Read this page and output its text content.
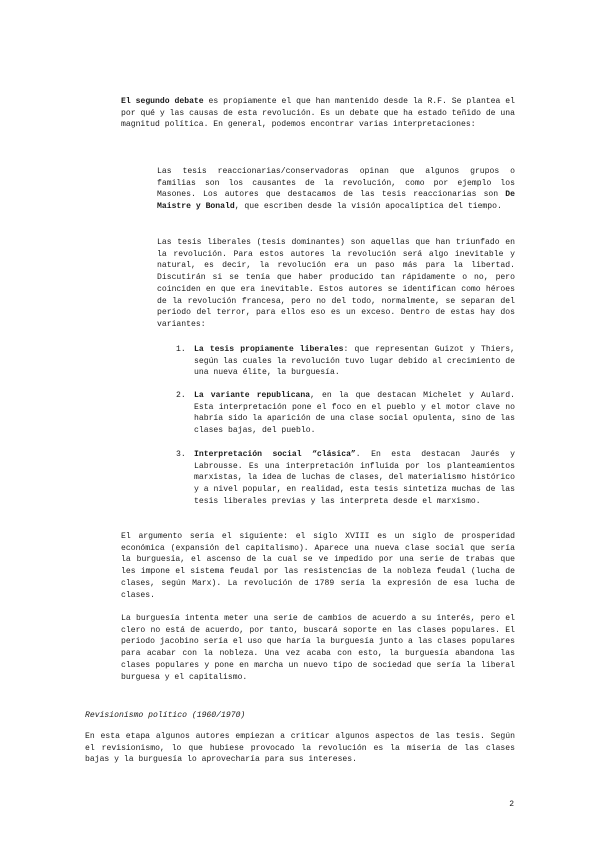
El segundo debate es propiamente el que han mantenido desde la R.F. Se plantea el por qué y las causas de esta revolución. Es un debate que ha estado teñido de una magnitud política. En general, podemos encontrar varias interpretaciones:

Las tesis reaccionarias/conservadoras opinan que algunos grupos o familias son los causantes de la revolución, como por ejemplo los Masones. Los autores que destacamos de las tesis reaccionarias son De Maistre y Bonald, que escriben desde la visión apocalíptica del tiempo.

Las tesis liberales (tesis dominantes) son aquellas que han triunfado en la revolución. Para estos autores la revolución será algo inevitable y natural, es decir, la revolución era un paso más para la libertad. Discutirán si se tenía que haber producido tan rápidamente o no, pero coinciden en que era inevitable. Estos autores se identifican como héroes de la revolución francesa, pero no del todo, normalmente, se separan del periodo del terror, para ellos eso es un exceso. Dentro de estas hay dos variantes:

1. La tesis propiamente liberales: que representan Guizot y Thiers, según las cuales la revolución tuvo lugar debido al crecimiento de una nueva élite, la burguesía.

2. La variante republicana, en la que destacan Michelet y Aulard. Esta interpretación pone el foco en el pueblo y el motor clave no habría sido la aparición de una clase social opulenta, sino de las clases bajas, del pueblo.

3. Interpretación social “clásica”. En esta destacan Jaurés y Labrousse. Es una interpretación influida por los planteamientos marxistas, la idea de luchas de clases, del materialismo histórico y a nivel popular, en realidad, esta tesis sintetiza muchas de las tesis liberales previas y las interpreta desde el marxismo.

El argumento sería el siguiente: el siglo XVIII es un siglo de prosperidad económica (expansión del capitalismo). Aparece una nueva clase social que sería la burguesía, el ascenso de la cual se ve impedido por una serie de trabas que les impone el sistema feudal por las resistencias de la nobleza feudal (lucha de clases, según Marx). La revolución de 1789 sería la expresión de esa lucha de clases.

La burguesía intenta meter una serie de cambios de acuerdo a su interés, pero el clero no está de acuerdo, por tanto, buscará soporte en las clases populares. El periodo jacobino sería el uso que haría la burguesía junto a las clases populares para acabar con la nobleza. Una vez acaba con esto, la burguesía abandona las clases populares y pone en marcha un nuevo tipo de sociedad que sería la liberal burguesa y el capitalismo.

Revisionismo político (1960/1970)

En esta etapa algunos autores empiezan a criticar algunos aspectos de las tesis. Según el revisionismo, lo que hubiese provocado la revolución es la miseria de las clases bajas y la burguesía lo aprovecharía para sus intereses.

2
